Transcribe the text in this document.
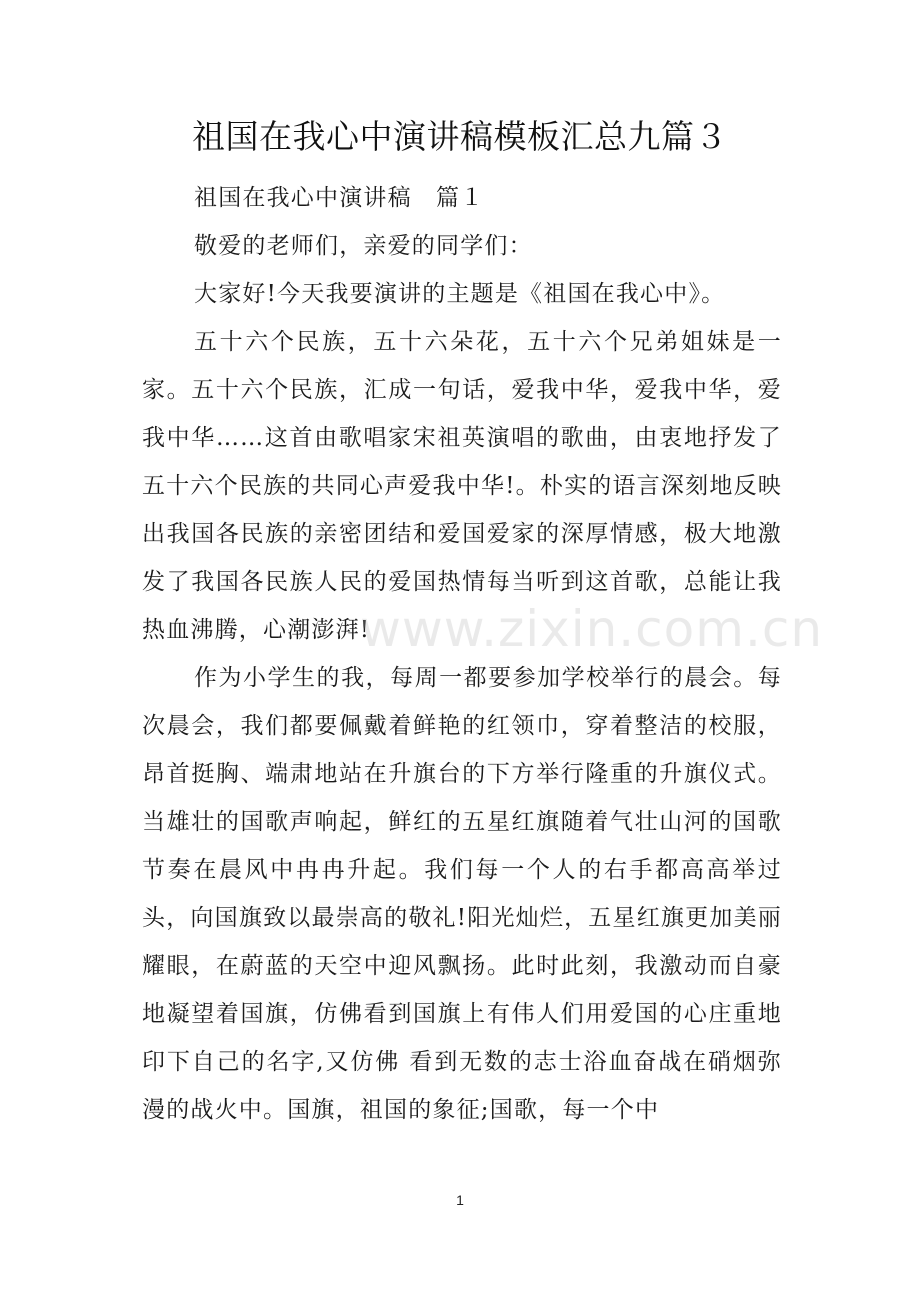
祖国在我心中演讲稿模板汇总九篇３

祖国在我心中演讲稿　篇１

敬爱的老师们，亲爱的同学们：

大家好!今天我要演讲的主题是《祖国在我心中》。

五十六个民族，五十六朵花，五十六个兄弟姐妹是一家。五十六个民族，汇成一句话，爱我中华，爱我中华，爱我中华……这首由歌唱家宋祖英演唱的歌曲，由衷地抒发了五十六个民族的共同心声爱我中华!。朴实的语言深刻地反映出我国各民族的亲密团结和爱国爱家的深厚情感，极大地激发了我国各民族人民的爱国热情每当听到这首歌，总能让我热血沸腾，心潮澎湃!

作为小学生的我，每周一都要参加学校举行的晨会。每次晨会，我们都要佩戴着鲜艳的红领巾，穿着整洁的校服，昂首挺胸、端肃地站在升旗台的下方举行隆重的升旗仪式。当雄壮的国歌声响起，鲜红的五星红旗随着气壮山河的国歌节奏在晨风中冉冉升起。我们每一个人的右手都高高举过头，向国旗致以最崇高的敬礼!阳光灿烂，五星红旗更加美丽耀眼，在蔚蓝的天空中迎风飘扬。此时此刻，我激动而自豪地凝望着国旗，仿佛看到国旗上有伟人们用爱国的心庄重地印下自己的名字,又仿佛 看到无数的志士浴血奋战在硝烟弥漫的战火中。国旗，祖国的象征;国歌，每一个中

www.zixin.com.cn
1
